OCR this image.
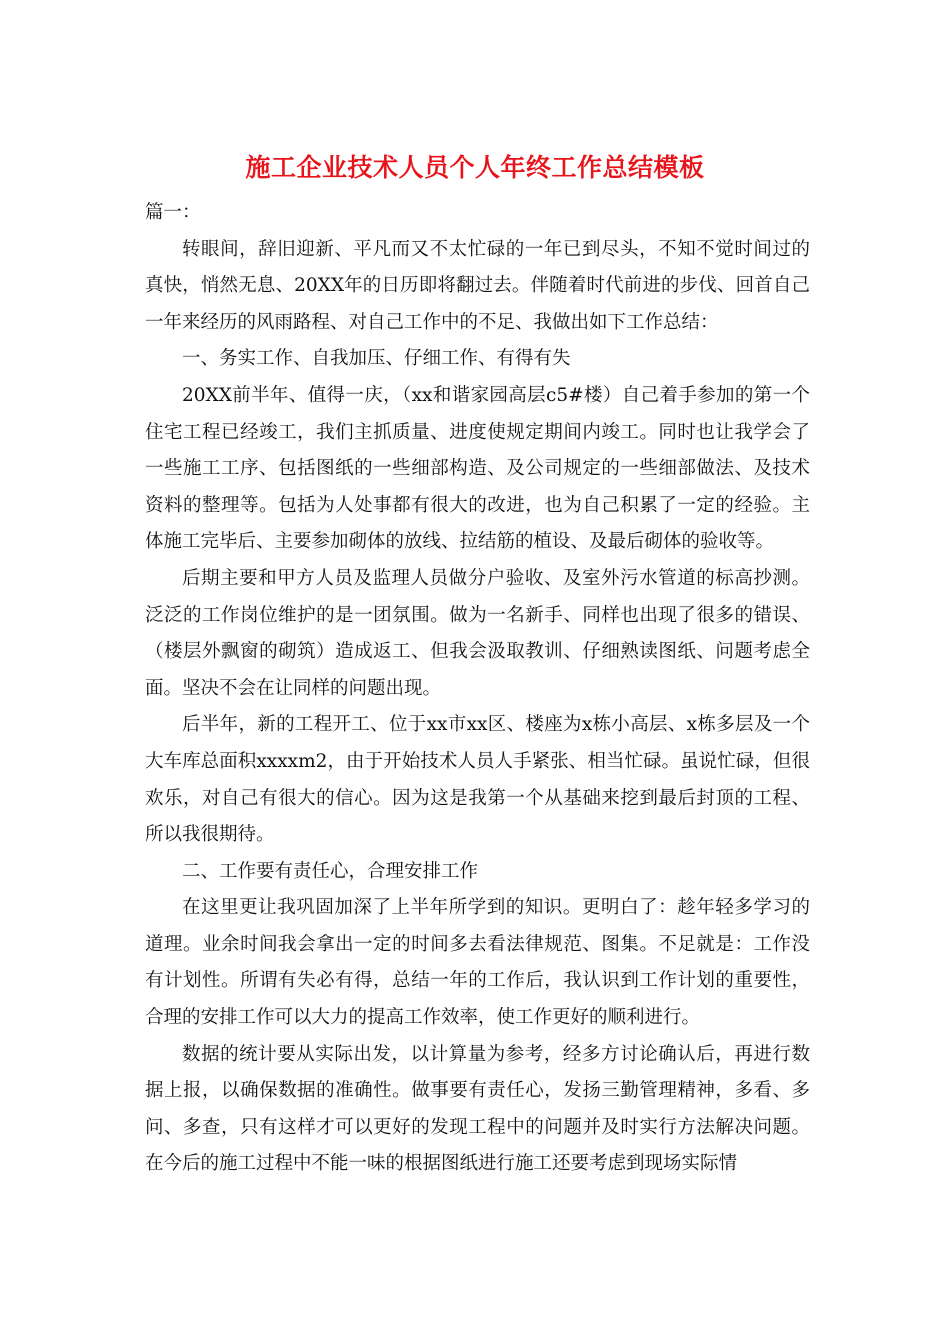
施工企业技术人员个人年终工作总结模板

篇一：

转眼间，辞旧迎新、平凡而又不太忙碌的一年已到尽头，不知不觉时间过的真快，悄然无息、20XX年的日历即将翻过去。伴随着时代前进的步伐、回首自己一年来经历的风雨路程、对自己工作中的不足、我做出如下工作总结：

一、务实工作、自我加压、仔细工作、有得有失

20XX前半年、值得一庆，（xx和谐家园高层c5#楼）自己着手参加的第一个住宅工程已经竣工，我们主抓质量、进度使规定期间内竣工。同时也让我学会了一些施工工序、包括图纸的一些细部构造、及公司规定的一些细部做法、及技术资料的整理等。包括为人处事都有很大的改进，也为自己积累了一定的经验。主体施工完毕后、主要参加砌体的放线、拉结筋的植设、及最后砌体的验收等。

后期主要和甲方人员及监理人员做分户验收、及室外污水管道的标高抄测。泛泛的工作岗位维护的是一团氛围。做为一名新手、同样也出现了很多的错误、（楼层外飘窗的砌筑）造成返工、但我会汲取教训、仔细熟读图纸、问题考虑全面。坚决不会在让同样的问题出现。

后半年，新的工程开工、位于xx市xx区、楼座为x栋小高层、x栋多层及一个大车库总面积xxxxm2，由于开始技术人员人手紧张、相当忙碌。虽说忙碌，但很欢乐，对自己有很大的信心。因为这是我第一个从基础来挖到最后封顶的工程、所以我很期待。

二、工作要有责任心，合理安排工作

在这里更让我巩固加深了上半年所学到的知识。更明白了：趁年轻多学习的道理。业余时间我会拿出一定的时间多去看法律规范、图集。不足就是：工作没有计划性。所谓有失必有得，总结一年的工作后，我认识到工作计划的重要性，合理的安排工作可以大力的提高工作效率，使工作更好的顺利进行。

数据的统计要从实际出发，以计算量为参考，经多方讨论确认后，再进行数据上报，以确保数据的准确性。做事要有责任心，发扬三勤管理精神，多看、多问、多查，只有这样才可以更好的发现工程中的问题并及时实行方法解决问题。在今后的施工过程中不能一味的根据图纸进行施工还要考虑到现场实际情
